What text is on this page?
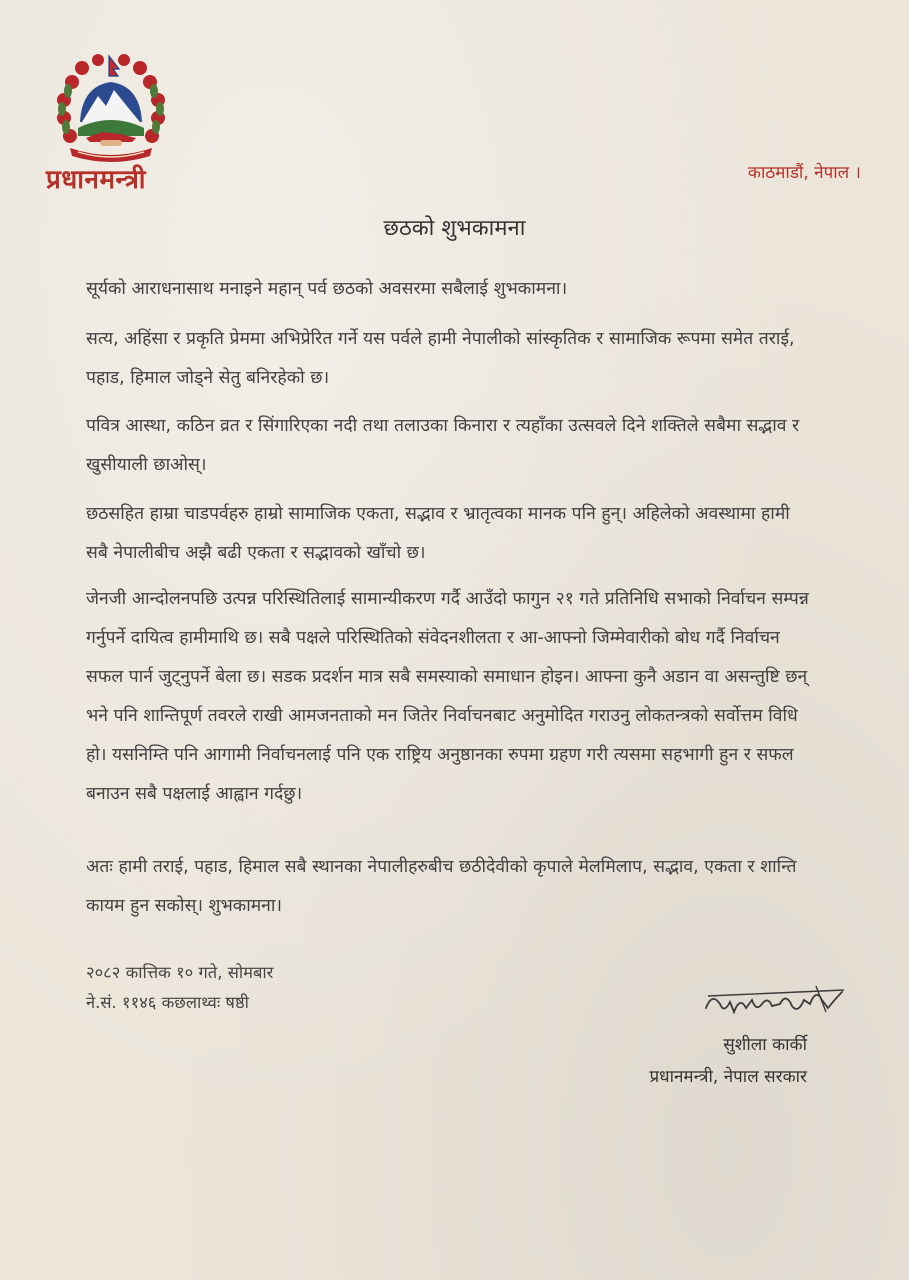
प्रधानमन्त्री	काठमाडौं, नेपाल ।
छठको शुभकामना
सूर्यको आराधनासाथ मनाइने महान् पर्व छठको अवसरमा सबैलाई शुभकामना।
सत्य, अहिंसा र प्रकृति प्रेममा अभिप्रेरित गर्ने यस पर्वले हामी नेपालीको सांस्कृतिक र सामाजिक रूपमा समेत तराई, पहाड, हिमाल जोड्ने सेतु बनिरहेको छ।
पवित्र आस्था, कठिन व्रत र सिंगारिएका नदी तथा तलाउका किनारा र त्यहाँका उत्सवले दिने शक्तिले सबैमा सद्भाव र खुसीयाली छाओस्।
छठसहित हाम्रा चाडपर्वहरु हाम्रो सामाजिक एकता, सद्भाव र भ्रातृत्वका मानक पनि हुन्। अहिलेको अवस्थामा हामी सबै नेपालीबीच अझै बढी एकता र सद्भावको खाँचो छ।
जेनजी आन्दोलनपछि उत्पन्न परिस्थितिलाई सामान्यीकरण गर्दै आउँदो फागुन २१ गते प्रतिनिधि सभाको निर्वाचन सम्पन्न गर्नुपर्ने दायित्व हामीमाथि छ। सबै पक्षले परिस्थितिको संवेदनशीलता र आ-आफ्नो जिम्मेवारीको बोध गर्दै निर्वाचन सफल पार्न जुट्नुपर्ने बेला छ। सडक प्रदर्शन मात्र सबै समस्याको समाधान होइन। आफ्ना कुनै अडान वा असन्तुष्टि छन् भने पनि शान्तिपूर्ण तवरले राखी आमजनताको मन जितेर निर्वाचनबाट अनुमोदित गराउनु लोकतन्त्रको सर्वोत्तम विधि हो। यसनिम्ति पनि आगामी निर्वाचनलाई पनि एक राष्ट्रिय अनुष्ठानका रुपमा ग्रहण गरी त्यसमा सहभागी हुन र सफल बनाउन सबै पक्षलाई आह्वान गर्दछु।
अतः हामी तराई, पहाड, हिमाल सबै स्थानका नेपालीहरुबीच छठीदेवीको कृपाले मेलमिलाप, सद्भाव, एकता र शान्ति कायम हुन सकोस्। शुभकामना।
२०८२ कात्तिक १० गते, सोमबार
ने.सं. ११४६ कछलाथ्वः षष्ठी
सुशीला कार्की
प्रधानमन्त्री, नेपाल सरकार
